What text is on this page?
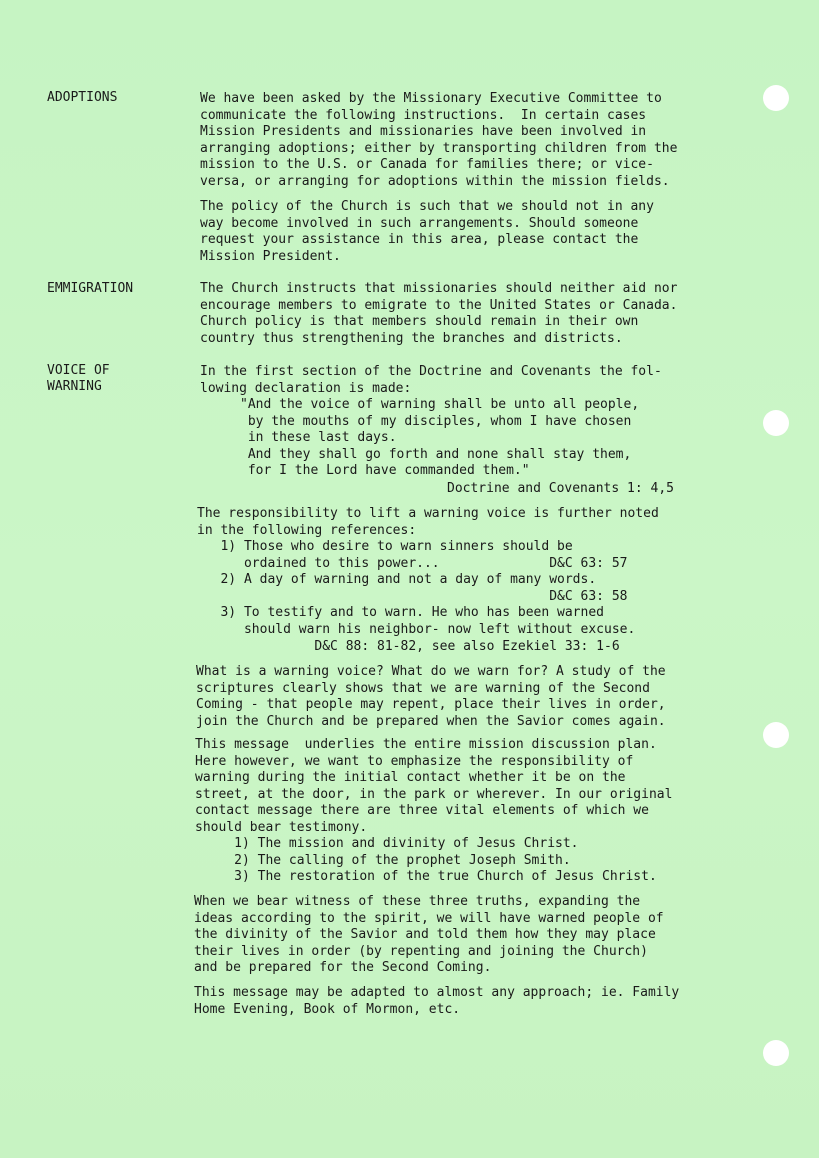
ADOPTIONS	We have been asked by the Missionary Executive Committee to
communicate the following instructions.  In certain cases
Mission Presidents and missionaries have been involved in
arranging adoptions; either by transporting children from the
mission to the U.S. or Canada for families there; or vice-
versa, or arranging for adoptions within the mission fields.
The policy of the Church is such that we should not in any
way become involved in such arrangements. Should someone
request your assistance in this area, please contact the
Mission President.
EMMIGRATION	The Church instructs that missionaries should neither aid nor
encourage members to emigrate to the United States or Canada.
Church policy is that members should remain in their own
country thus strengthening the branches and districts.
VOICE OF
WARNING
In the first section of the Doctrine and Covenants the fol-
lowing declaration is made:
"And the voice of warning shall be unto all people,
by the mouths of my disciples, whom I have chosen
in these last days.
And they shall go forth and none shall stay them,
for I the Lord have commanded them."
Doctrine and Covenants 1: 4,5
The responsibility to lift a warning voice is further noted
in the following references:
1) Those who desire to warn sinners should be
ordained to this power...              D&C 63: 57
2) A day of warning and not a day of many words.
D&C 63: 58
3) To testify and to warn. He who has been warned
should warn his neighbor- now left without excuse.
D&C 88: 81-82, see also Ezekiel 33: 1-6
What is a warning voice? What do we warn for? A study of the
scriptures clearly shows that we are warning of the Second
Coming - that people may repent, place their lives in order,
join the Church and be prepared when the Savior comes again.
This message  underlies the entire mission discussion plan.
Here however, we want to emphasize the responsibility of
warning during the initial contact whether it be on the
street, at the door, in the park or wherever. In our original
contact message there are three vital elements of which we
should bear testimony.
1) The mission and divinity of Jesus Christ.
2) The calling of the prophet Joseph Smith.
3) The restoration of the true Church of Jesus Christ.
When we bear witness of these three truths, expanding the
ideas according to the spirit, we will have warned people of
the divinity of the Savior and told them how they may place
their lives in order (by repenting and joining the Church)
and be prepared for the Second Coming.
This message may be adapted to almost any approach; ie. Family
Home Evening, Book of Mormon, etc.
